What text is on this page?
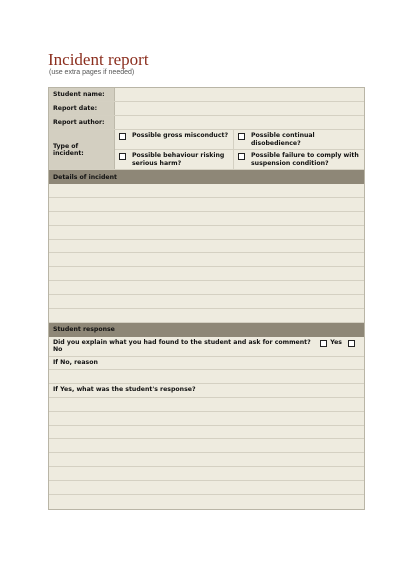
Incident report
(use extra pages if needed)
Student name:
Report date:
Report author:
Type of incident:
Possible gross misconduct?	Possible continual disobedience?
Possible behaviour risking serious harm?
Possible failure to comply with suspension condition?
Details of incident
Student response
Did you explain what you had found to the student and ask for comment?	Yes
No
If No, reason
If Yes, what was the student's response?
